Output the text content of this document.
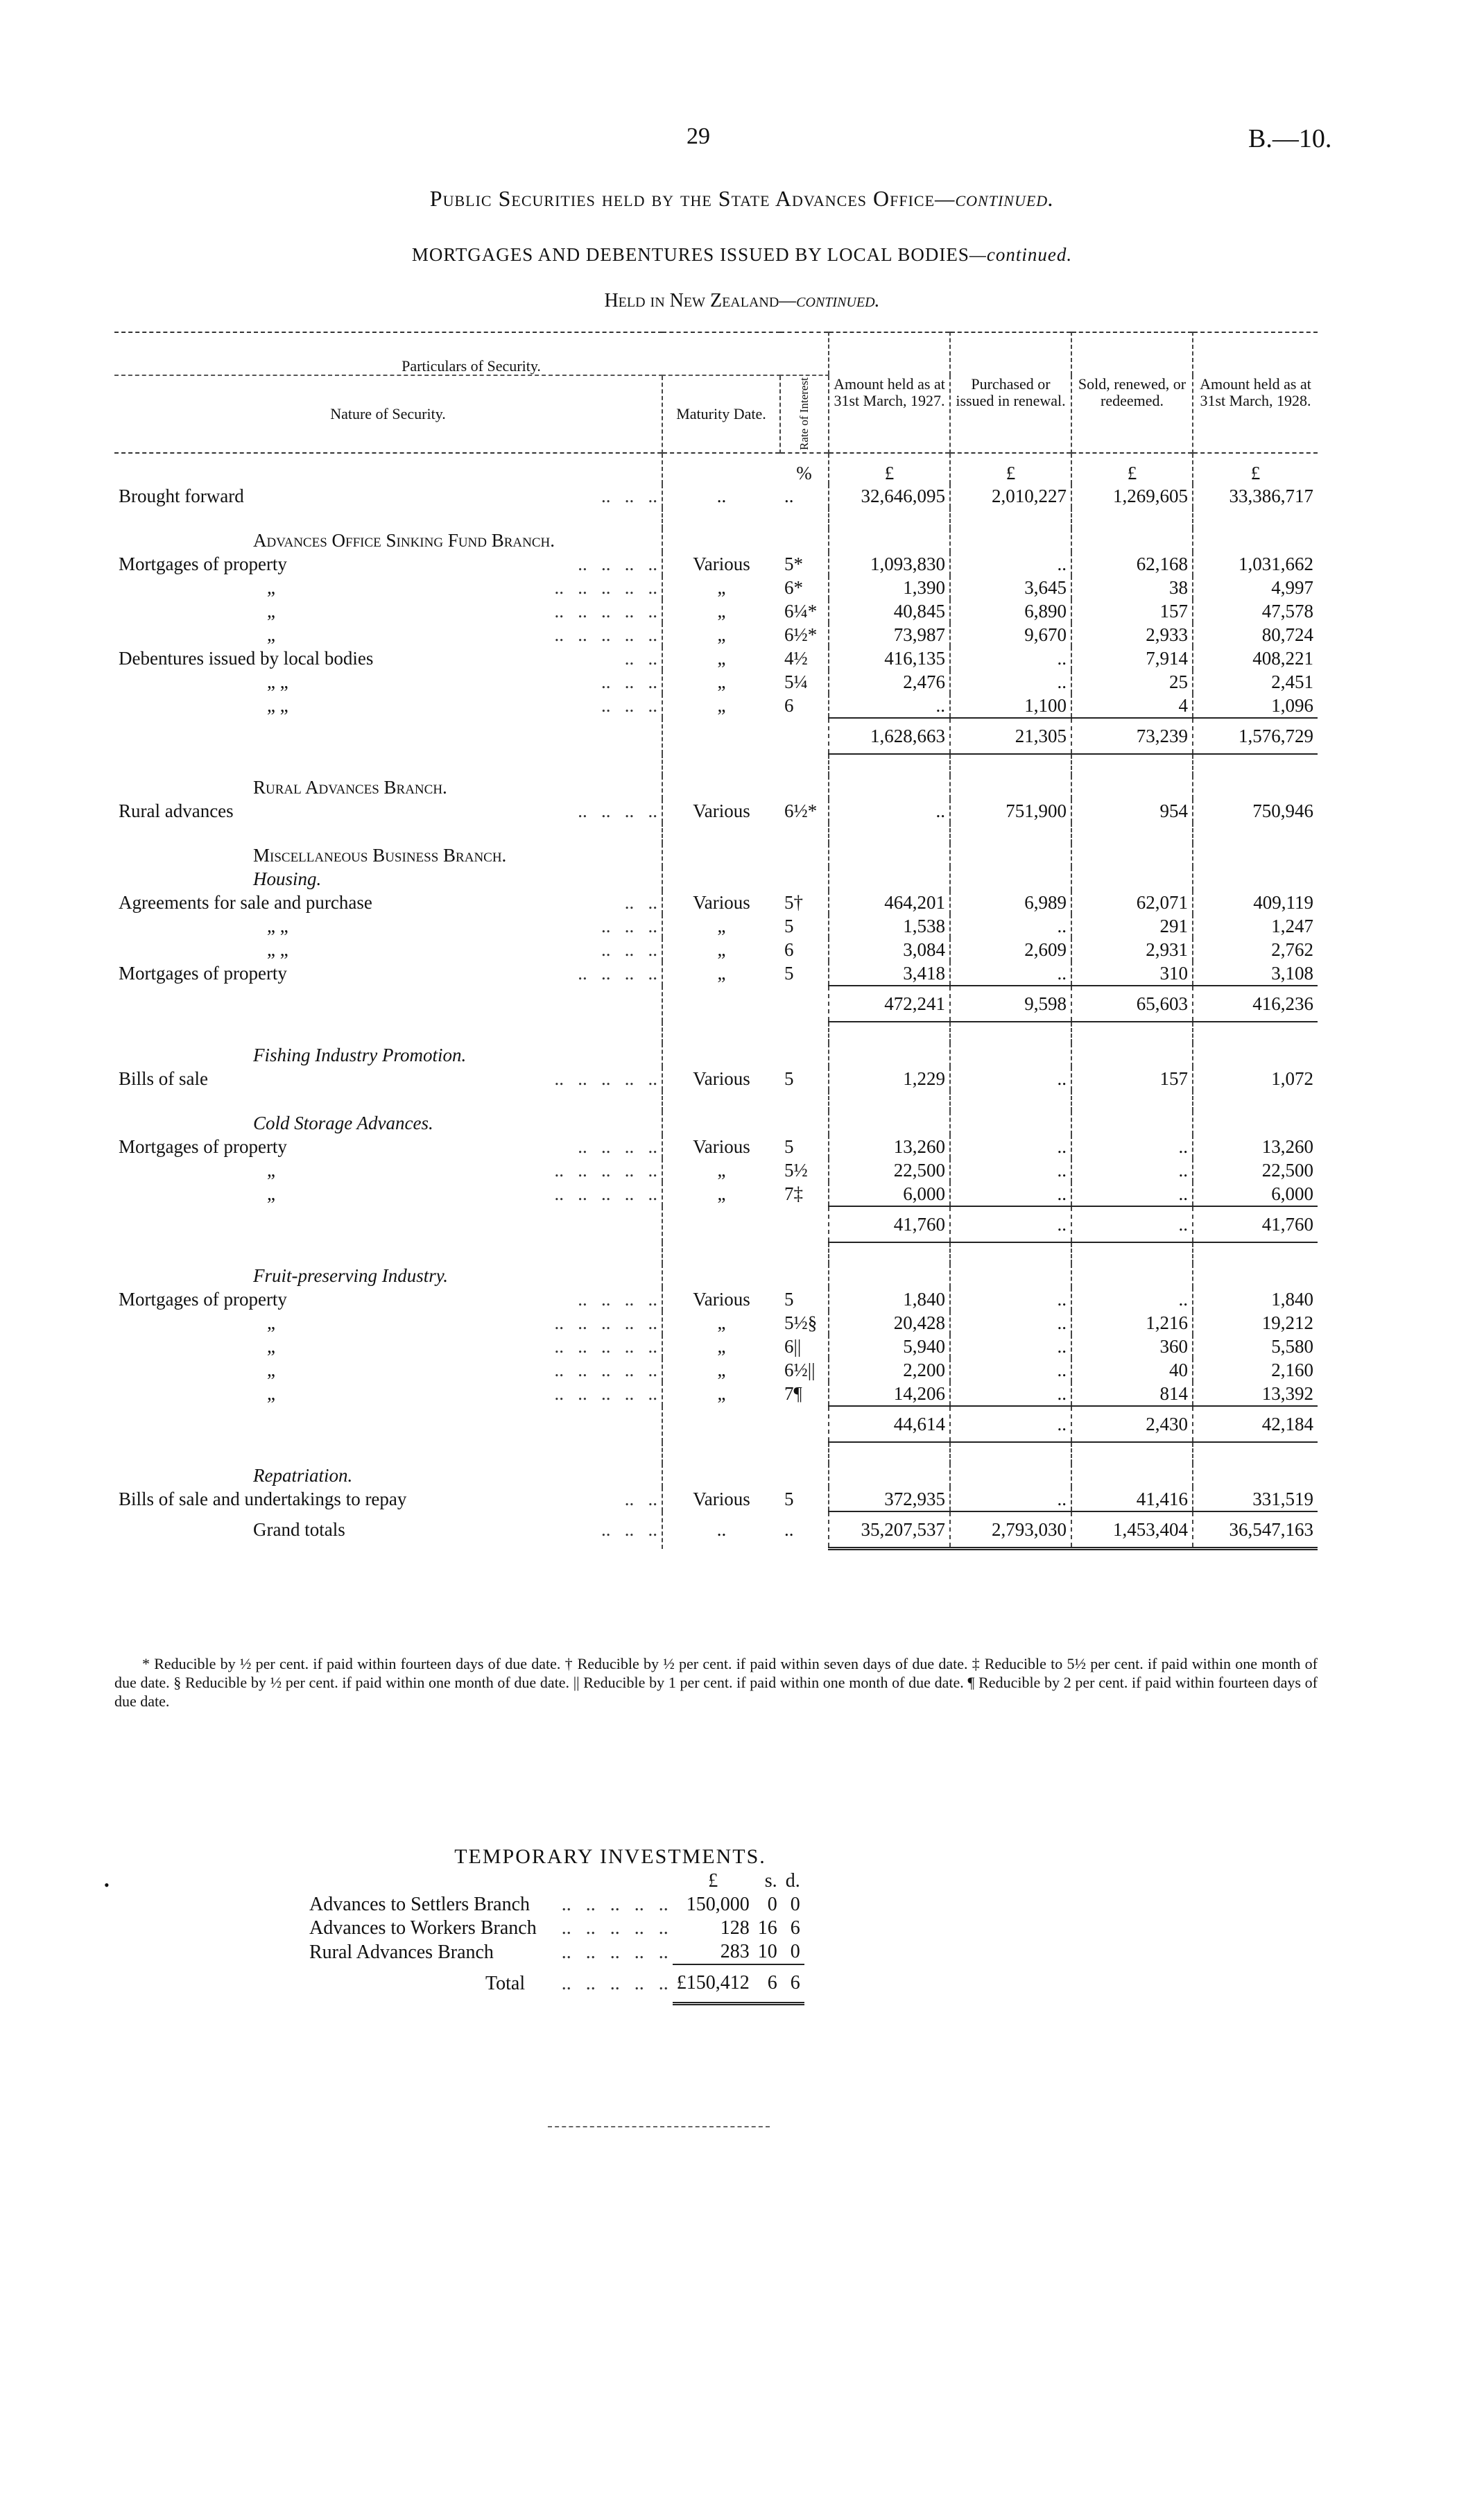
29	B.—10.
Public Securities held by the State Advances Office—continued.
MORTGAGES AND DEBENTURES ISSUED BY LOCAL BODIES—continued.
Held in New Zealand—continued.
Particulars of Security.			Amount held as at 31st March, 1927.	Purchased or issued in renewal.	Sold, renewed, or redeemed.	Amount held as at 31st March, 1928.
Nature of Security.	Maturity Date.	Rate of Interest				
		%	£	£	£	£
Brought forward ..   ..   ..	..	..	32,646,095	2,010,227	1,269,605	33,386,717

Advances Office Sinking Fund Branch.						
Mortgages of property ..   ..   ..   ..	Various	5*	1,093,830	..	62,168	1,031,662
„ ..   ..   ..   ..   ..	„	6*	1,390	3,645	38	4,997
„ ..   ..   ..   ..   ..	„	6¼*	40,845	6,890	157	47,578
„ ..   ..   ..   ..   ..	„	6½*	73,987	9,670	2,933	80,724
Debentures issued by local bodies ..   ..	„	4½	416,135	..	7,914	408,221
„ „ ..   ..   ..	„	5¼	2,476	..	25	2,451
„ „ ..   ..   ..	„	6	..	1,100	4	1,096
			1,628,663	21,305	73,239	1,576,729

Rural Advances Branch.						
Rural advances ..   ..   ..   ..	Various	6½*	..	751,900	954	750,946

Miscellaneous Business Branch.						
Housing.						
Agreements for sale and purchase ..   ..	Various	5†	464,201	6,989	62,071	409,119
„ „ ..   ..   ..	„	5	1,538	..	291	1,247
„ „ ..   ..   ..	„	6	3,084	2,609	2,931	2,762
Mortgages of property ..   ..   ..   ..	„	5	3,418	..	310	3,108
			472,241	9,598	65,603	416,236

Fishing Industry Promotion.						
Bills of sale ..   ..   ..   ..   ..	Various	5	1,229	..	157	1,072

Cold Storage Advances.						
Mortgages of property ..   ..   ..   ..	Various	5	13,260	..	..	13,260
„ ..   ..   ..   ..   ..	„	5½	22,500	..	..	22,500
„ ..   ..   ..   ..   ..	„	7‡	6,000	..	..	6,000
			41,760	..	..	41,760

Fruit-preserving Industry.						
Mortgages of property ..   ..   ..   ..	Various	5	1,840	..	..	1,840
„ ..   ..   ..   ..   ..	„	5½§	20,428	..	1,216	19,212
„ ..   ..   ..   ..   ..	„	6||	5,940	..	360	5,580
„ ..   ..   ..   ..   ..	„	6½||	2,200	..	40	2,160
„ ..   ..   ..   ..   ..	„	7¶	14,206	..	814	13,392
			44,614	..	2,430	42,184

Repatriation.						
Bills of sale and undertakings to repay ..   ..	Various	5	372,935	..	41,416	331,519
Grand totals ..   ..   ..	..	..	35,207,537	2,793,030	1,453,404	36,547,163
* Reducible by ½ per cent. if paid within fourteen days of due date. † Reducible by ½ per cent. if paid within seven days of due date. ‡ Reducible to 5½ per cent. if paid within one month of due date. § Reducible by ½ per cent. if paid within one month of due date. || Reducible by 1 per cent. if paid within one month of due date. ¶ Reducible by 2 per cent. if paid within fourteen days of due date.
•
TEMPORARY INVESTMENTS.
		£	s.	d.
Advances to Settlers Branch	..   ..   ..   ..   ..	150,000	0	0
Advances to Workers Branch	..   ..   ..   ..   ..	128	16	6
Rural Advances Branch	..   ..   ..   ..   ..	283	10	0
Total	..   ..   ..   ..   ..	£150,412	6	6
